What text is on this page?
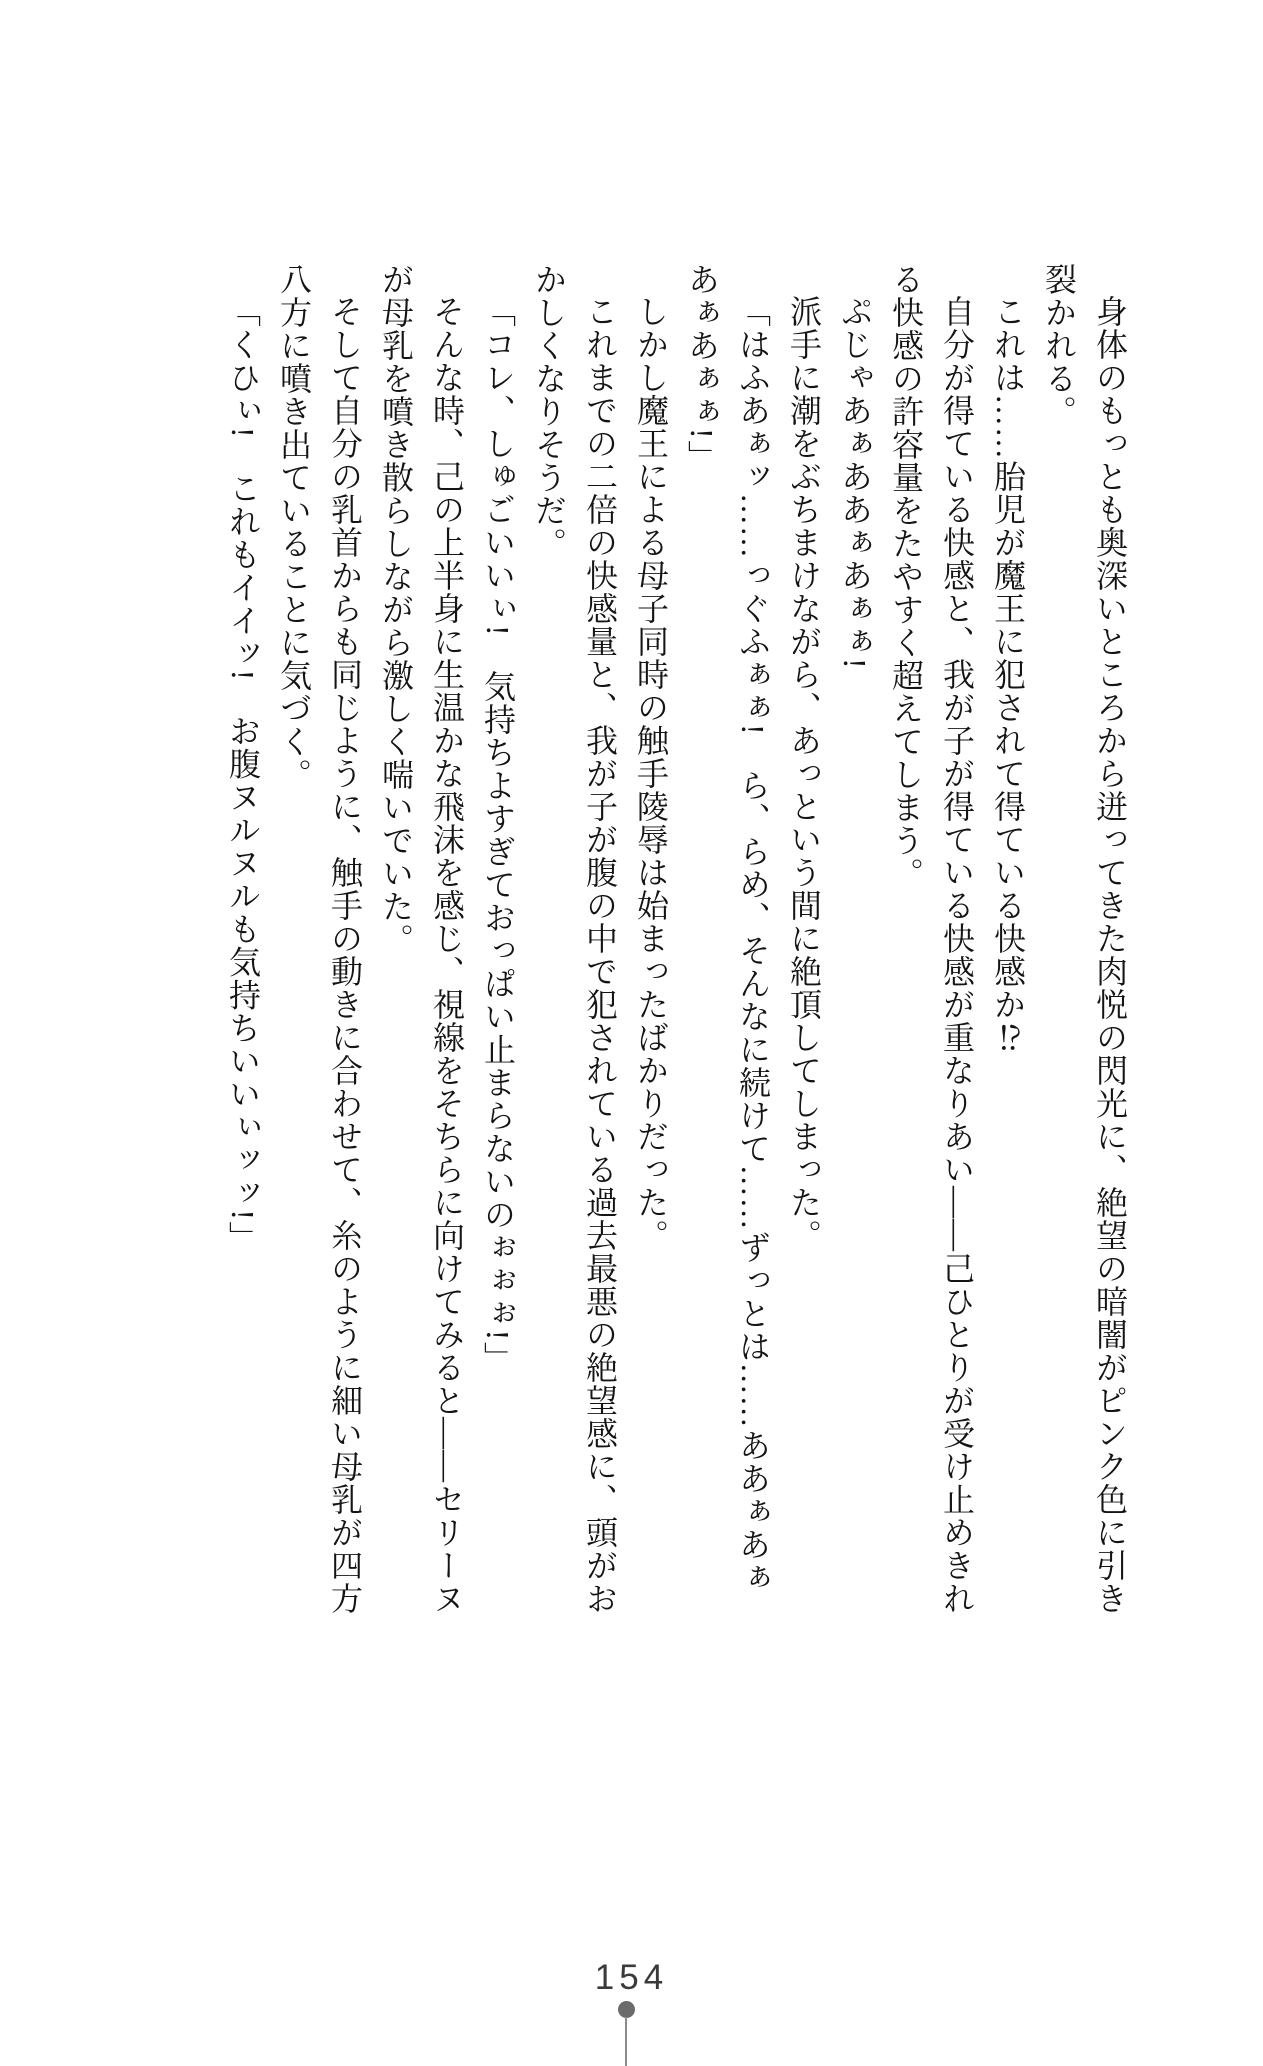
身体のもっとも奥深いところから迸ってきた肉悦の閃光に、絶望の暗闇がピンク色に引き裂かれる。

これは……胎児が魔王に犯されて得ている快感か⁉

自分が得ている快感と、我が子が得ている快感が重なりあい――己ひとりが受け止めきれる快感の許容量をたやすく超えてしまう。

ぷじゃあぁああぁあぁぁ!

派手に潮をぶちまけながら、あっという間に絶頂してしまった。

「はふあぁッ……っぐふぁぁ!　ら、らめ、そんなに続けて……ずっとは……ああぁあぁあぁあぁぁ!」

しかし魔王による母子同時の触手陵辱は始まったばかりだった。

これまでの二倍の快感量と、我が子が腹の中で犯されている過去最悪の絶望感に、頭がおかしくなりそうだ。

「コレ、しゅごいいぃ!　気持ちよすぎておっぱい止まらないのぉぉぉ!」

そんな時、己の上半身に生温かな飛沫を感じ、視線をそちらに向けてみると――セリーヌが母乳を噴き散らしながら激しく喘いでいた。

そして自分の乳首からも同じように、触手の動きに合わせて、糸のように細い母乳が四方八方に噴き出ていることに気づく。

「くひぃ!　これもイイッ!　お腹ヌルヌルも気持ちいいぃッッ!」

154
